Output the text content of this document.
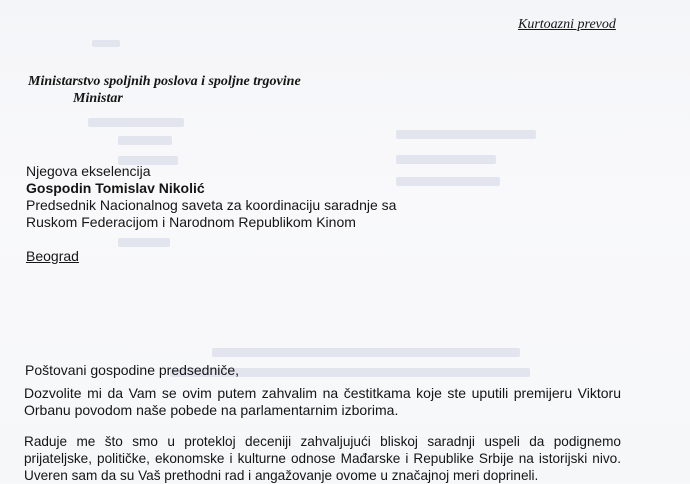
Kurtoazni prevod
Ministarstvo spoljnih poslova i spoljne trgovine
Ministar
Njegova ekselencija
Gospodin Tomislav Nikolić
Predsednik Nacionalnog saveta za koordinaciju saradnje sa
Ruskom Federacijom i Narodnom Republikom Kinom
Beograd
Poštovani gospodine predsedniče,
Dozvolite mi da Vam se ovim putem zahvalim na čestitkama koje ste uputili premijeru Viktoru Orbanu povodom naše pobede na parlamentarnim izborima.
Raduje me što smo u protekloj deceniji zahvaljujući bliskoj saradnji uspeli da podignemo prijateljske, političke, ekonomske i kulturne odnose Mađarske i Republike Srbije na istorijski nivo. Uveren sam da su Vaš prethodni rad i angažovanje ovome u značajnoj meri doprineli.
